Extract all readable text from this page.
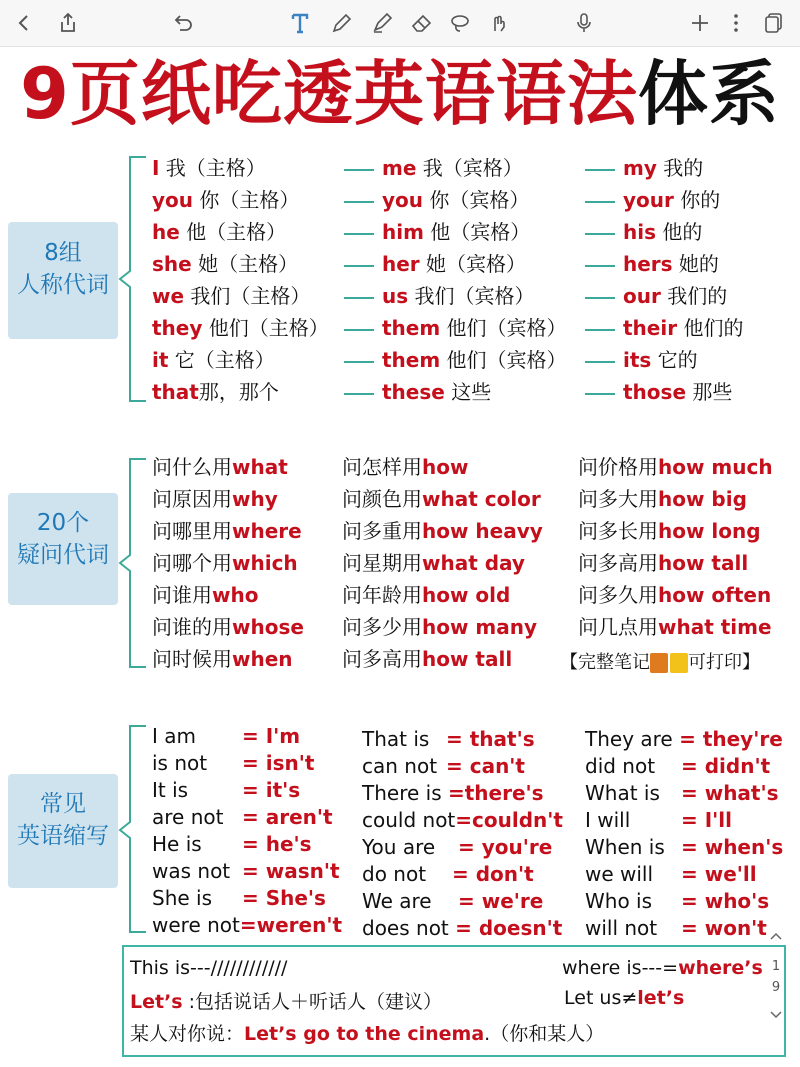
9页纸吃透英语语法体系
8组
人称代词
I 我（主格）	me 我（宾格）	my 我的
you 你（主格）	you 你（宾格）	your 你的
he 他（主格）	him 他（宾格）	his 他的
she 她（主格）	her 她（宾格）	hers 她的
we 我们（主格）	us 我们（宾格）	our 我们的
they 他们（主格）	them 他们（宾格）	their 他们的
it 它（主格）	them 他们（宾格）	its 它的
that那，那个	these 这些	those 那些
20个
疑问代词
问什么用what	问怎样用how	问价格用how much
问原因用why	问颜色用what color 问多大用how big
问哪里用where 问多重用how heavy 问多长用how long
问哪个用which 问星期用what day	问多高用how tall
问谁用who	问年龄用how old	问多久用how often
问谁的用whose 问多少用how many 问几点用what time
问时候用when 问多高用how tall	【完整笔记 可打印】
常见
英语缩写
I am = I'm
is not = isn't
It is	= it's
are not = aren't
He is = he's
was not = wasn't
She is = She's
were not=weren't
That is = that's
can not = can't
There is =there's
could not=couldn't
You are = you're
do not = don't
We are = we're
does not = doesn't
They are = they're
did not = didn't
What is = what's
I will	= I'll
When is = when's
we will = we'll
Who is = who's
will not = won't
This is---////////////	where is---=where’s
Let’s :包括说话人＋听话人（建议）	Let us≠let’s
某人对你说：Let’s go to the cinema.（你和某人）
1
9
